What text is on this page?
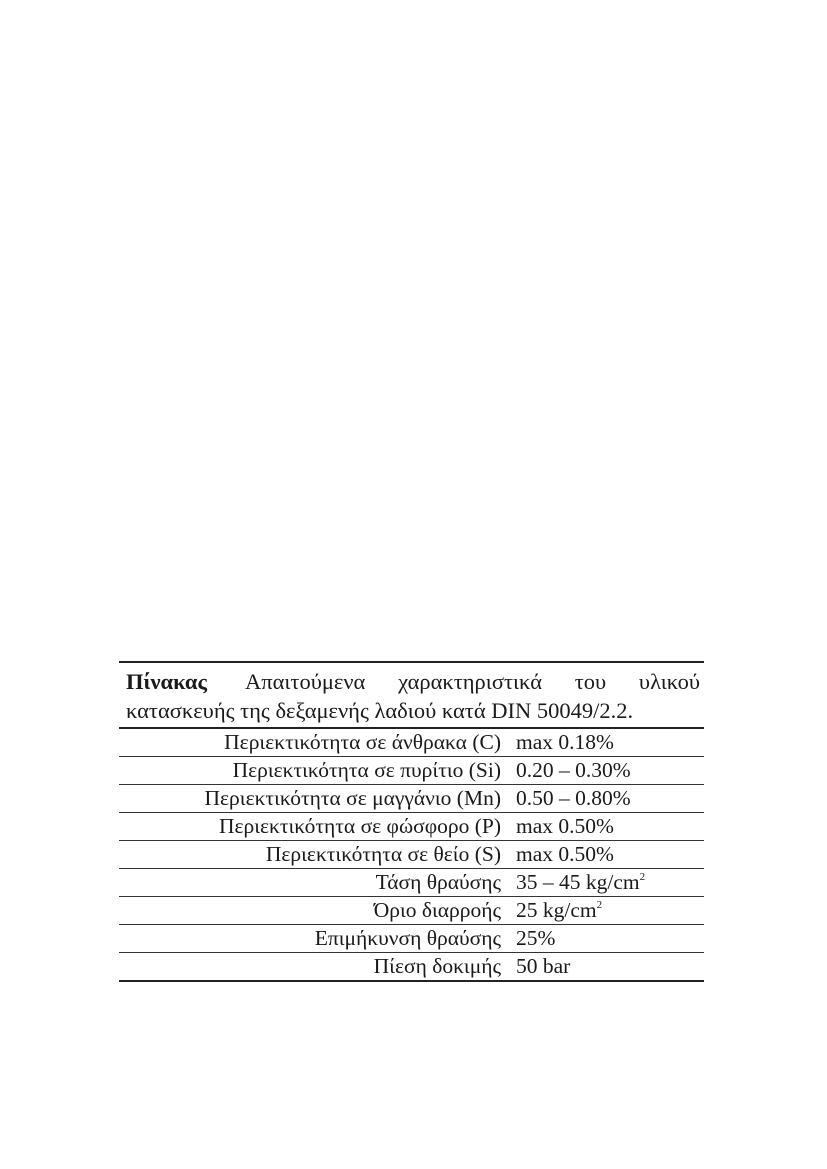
Πίνακας Απαιτούμενα χαρακτηριστικά του υλικού
κατασκευής της δεξαμενής λαδιού κατά DIN 50049/2.2.
Περιεκτικότητα σε άνθρακα (C) max 0.18%
Περιεκτικότητα σε πυρίτιο (Si) 0.20 – 0.30%
Περιεκτικότητα σε μαγγάνιο (Mn) 0.50 – 0.80%
Περιεκτικότητα σε φώσφορο (P) max 0.50%
Περιεκτικότητα σε θείο (S) max 0.50%
Τάση θραύσης 35 – 45 $kg/cm^2$
Όριο διαρροής 25 $kg/cm^2$
Επιμήκυνση θραύσης 25%
Πίεση δοκιμής 50 bar
